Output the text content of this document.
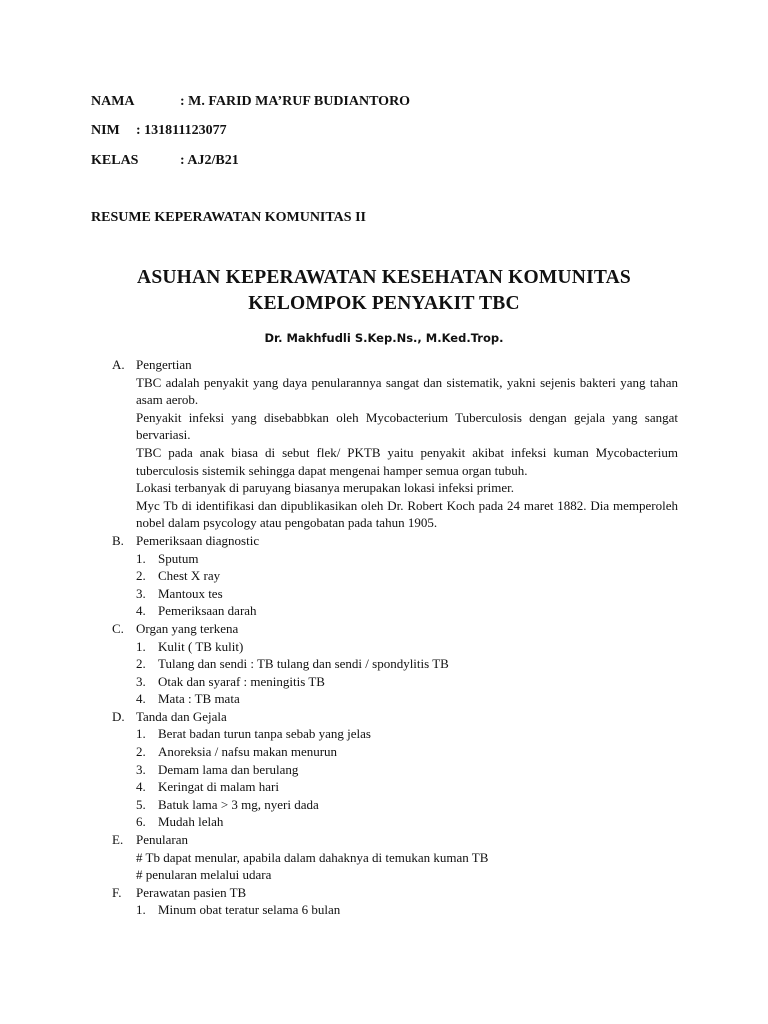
NAMA	: M. FARID MA’RUF BUDIANTORO
NIM : 131811123077
KELAS	: AJ2/B21
RESUME KEPERAWATAN KOMUNITAS II
ASUHAN KEPERAWATAN KESEHATAN KOMUNITAS
KELOMPOK PENYAKIT TBC
Dr. Makhfudli S.Kep.Ns., M.Ked.Trop.
A. Pengertian
TBC adalah penyakit yang daya penularannya sangat dan sistematik, yakni sejenis bakteri yang tahan asam aerob.
Penyakit infeksi yang disebabbkan oleh Mycobacterium Tuberculosis dengan gejala yang sangat bervariasi.
TBC pada anak biasa di sebut flek/ PKTB yaitu penyakit akibat infeksi kuman Mycobacterium tuberculosis sistemik sehingga dapat mengenai hamper semua organ tubuh.
Lokasi terbanyak di paruyang biasanya merupakan lokasi infeksi primer.
Myc Tb di identifikasi dan dipublikasikan oleh Dr. Robert Koch pada 24 maret 1882. Dia memperoleh nobel dalam psycology atau pengobatan pada tahun 1905.
B. Pemeriksaan diagnostic
1. Sputum
2. Chest X ray
3. Mantoux tes
4. Pemeriksaan darah
C. Organ yang terkena
1. Kulit ( TB kulit)
2. Tulang dan sendi : TB tulang dan sendi / spondylitis TB
3. Otak dan syaraf : meningitis TB
4. Mata : TB mata
D. Tanda dan Gejala
1. Berat badan turun tanpa sebab yang jelas
2. Anoreksia / nafsu makan menurun
3. Demam lama dan berulang
4. Keringat di malam hari
5. Batuk lama > 3 mg, nyeri dada
6. Mudah lelah
E. Penularan
# Tb dapat menular, apabila dalam dahaknya di temukan kuman TB
# penularan melalui udara
F. Perawatan pasien TB
1. Minum obat teratur selama 6 bulan
